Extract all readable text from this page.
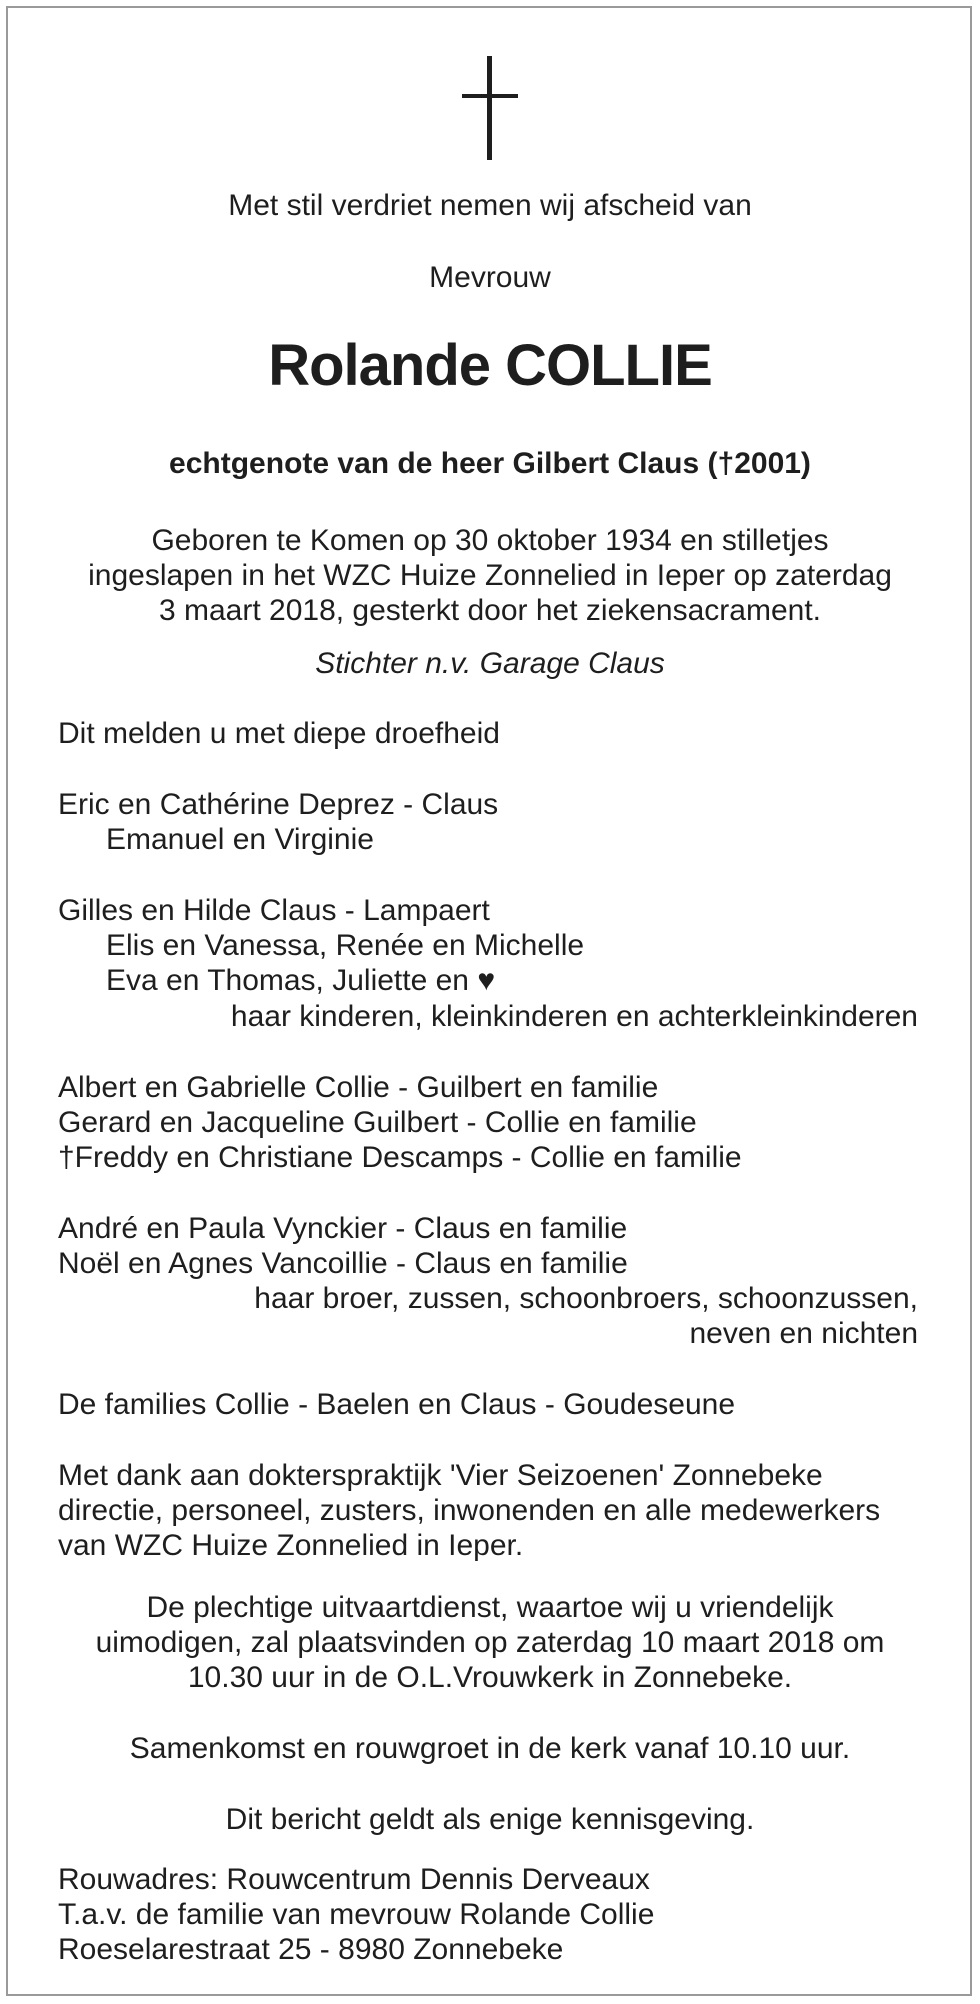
Met stil verdriet nemen wij afscheid van
Mevrouw
Rolande COLLIE
echtgenote van de heer Gilbert Claus (†2001)
Geboren te Komen op 30 oktober 1934 en stilletjes
ingeslapen in het WZC Huize Zonnelied in Ieper op zaterdag
3 maart 2018, gesterkt door het ziekensacrament.
Stichter n.v. Garage Claus
Dit melden u met diepe droefheid
Eric en Cathérine Deprez - Claus
Emanuel en Virginie
Gilles en Hilde Claus - Lampaert
Elis en Vanessa, Renée en Michelle
Eva en Thomas, Juliette en ♥
haar kinderen, kleinkinderen en achterkleinkinderen
Albert en Gabrielle Collie - Guilbert en familie
Gerard en Jacqueline Guilbert - Collie en familie
†Freddy en Christiane Descamps - Collie en familie
André en Paula Vynckier - Claus en familie
Noël en Agnes Vancoillie - Claus en familie
haar broer, zussen, schoonbroers, schoonzussen,
neven en nichten
De families Collie - Baelen en Claus - Goudeseune
Met dank aan dokterspraktijk 'Vier Seizoenen' Zonnebeke
directie, personeel, zusters, inwonenden en alle medewerkers
van WZC Huize Zonnelied in Ieper.
De plechtige uitvaartdienst, waartoe wij u vriendelijk
uimodigen, zal plaatsvinden op zaterdag 10 maart 2018 om
10.30 uur in de O.L.Vrouwkerk in Zonnebeke.
Samenkomst en rouwgroet in de kerk vanaf 10.10 uur.
Dit bericht geldt als enige kennisgeving.
Rouwadres: Rouwcentrum Dennis Derveaux
T.a.v. de familie van mevrouw Rolande Collie
Roeselarestraat 25 - 8980 Zonnebeke
